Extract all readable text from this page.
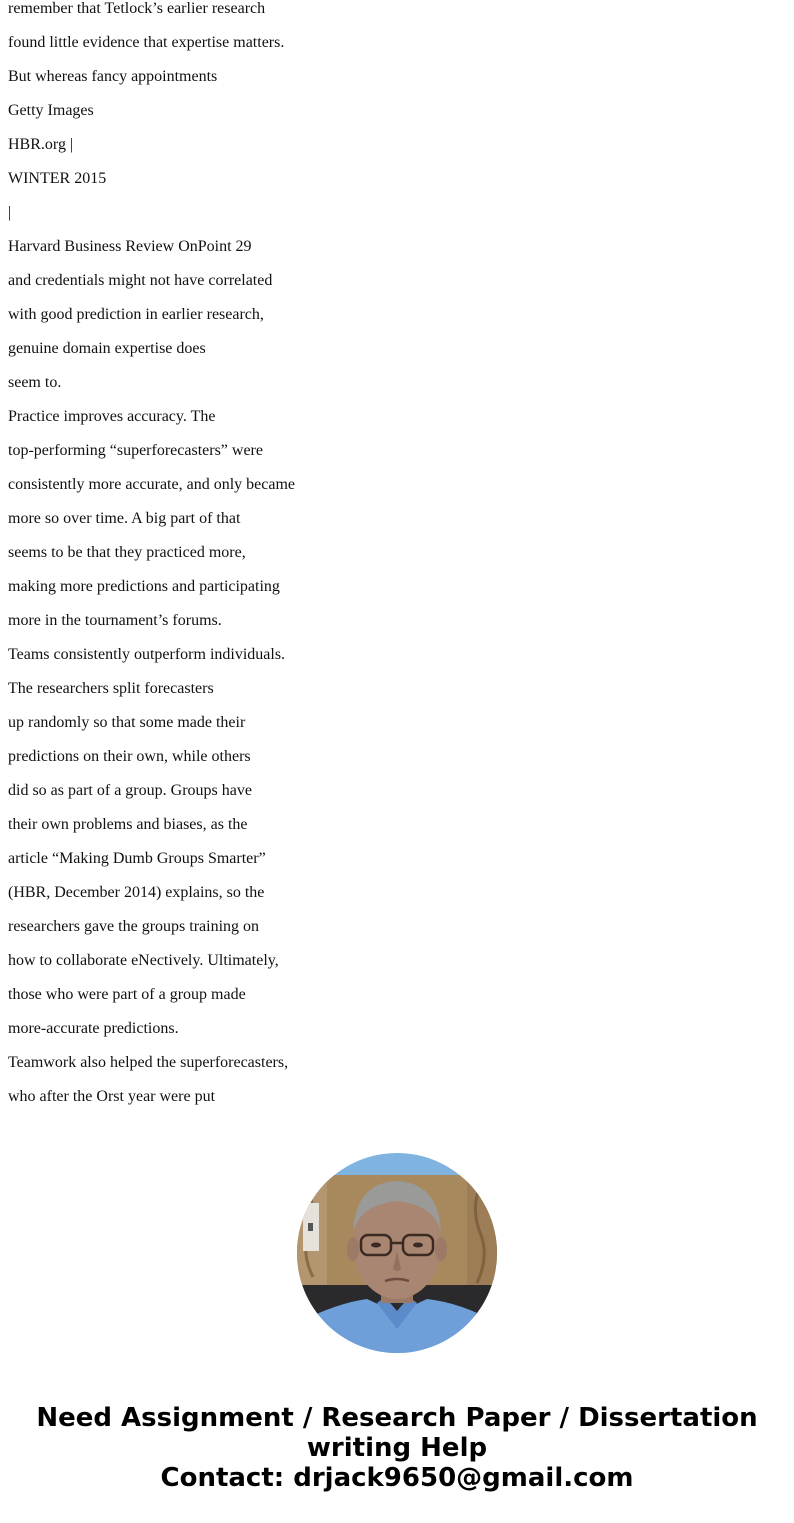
remember that Tetlock’s earlier research

found little evidence that expertise matters.

But whereas fancy appointments

Getty Images

HBR.org |

WINTER 2015

|

Harvard Business Review OnPoint 29

and credentials might not have correlated

with good prediction in earlier research,

genuine domain expertise does

seem to.

Practice improves accuracy. The

top-performing “superforecasters” were

consistently more accurate, and only became

more so over time. A big part of that

seems to be that they practiced more,

making more predictions and participating

more in the tournament’s forums.

Teams consistently outperform individuals.

The researchers split forecasters

up randomly so that some made their

predictions on their own, while others

did so as part of a group. Groups have

their own problems and biases, as the

article “Making Dumb Groups Smarter”

(HBR, December 2014) explains, so the

researchers gave the groups training on

how to collaborate eNectively. Ultimately,

those who were part of a group made

more-accurate predictions.

Teamwork also helped the superforecasters,

who after the Orst year were put

Need Assignment / Research Paper / Dissertation
writing Help
Contact: drjack9650@gmail.com
